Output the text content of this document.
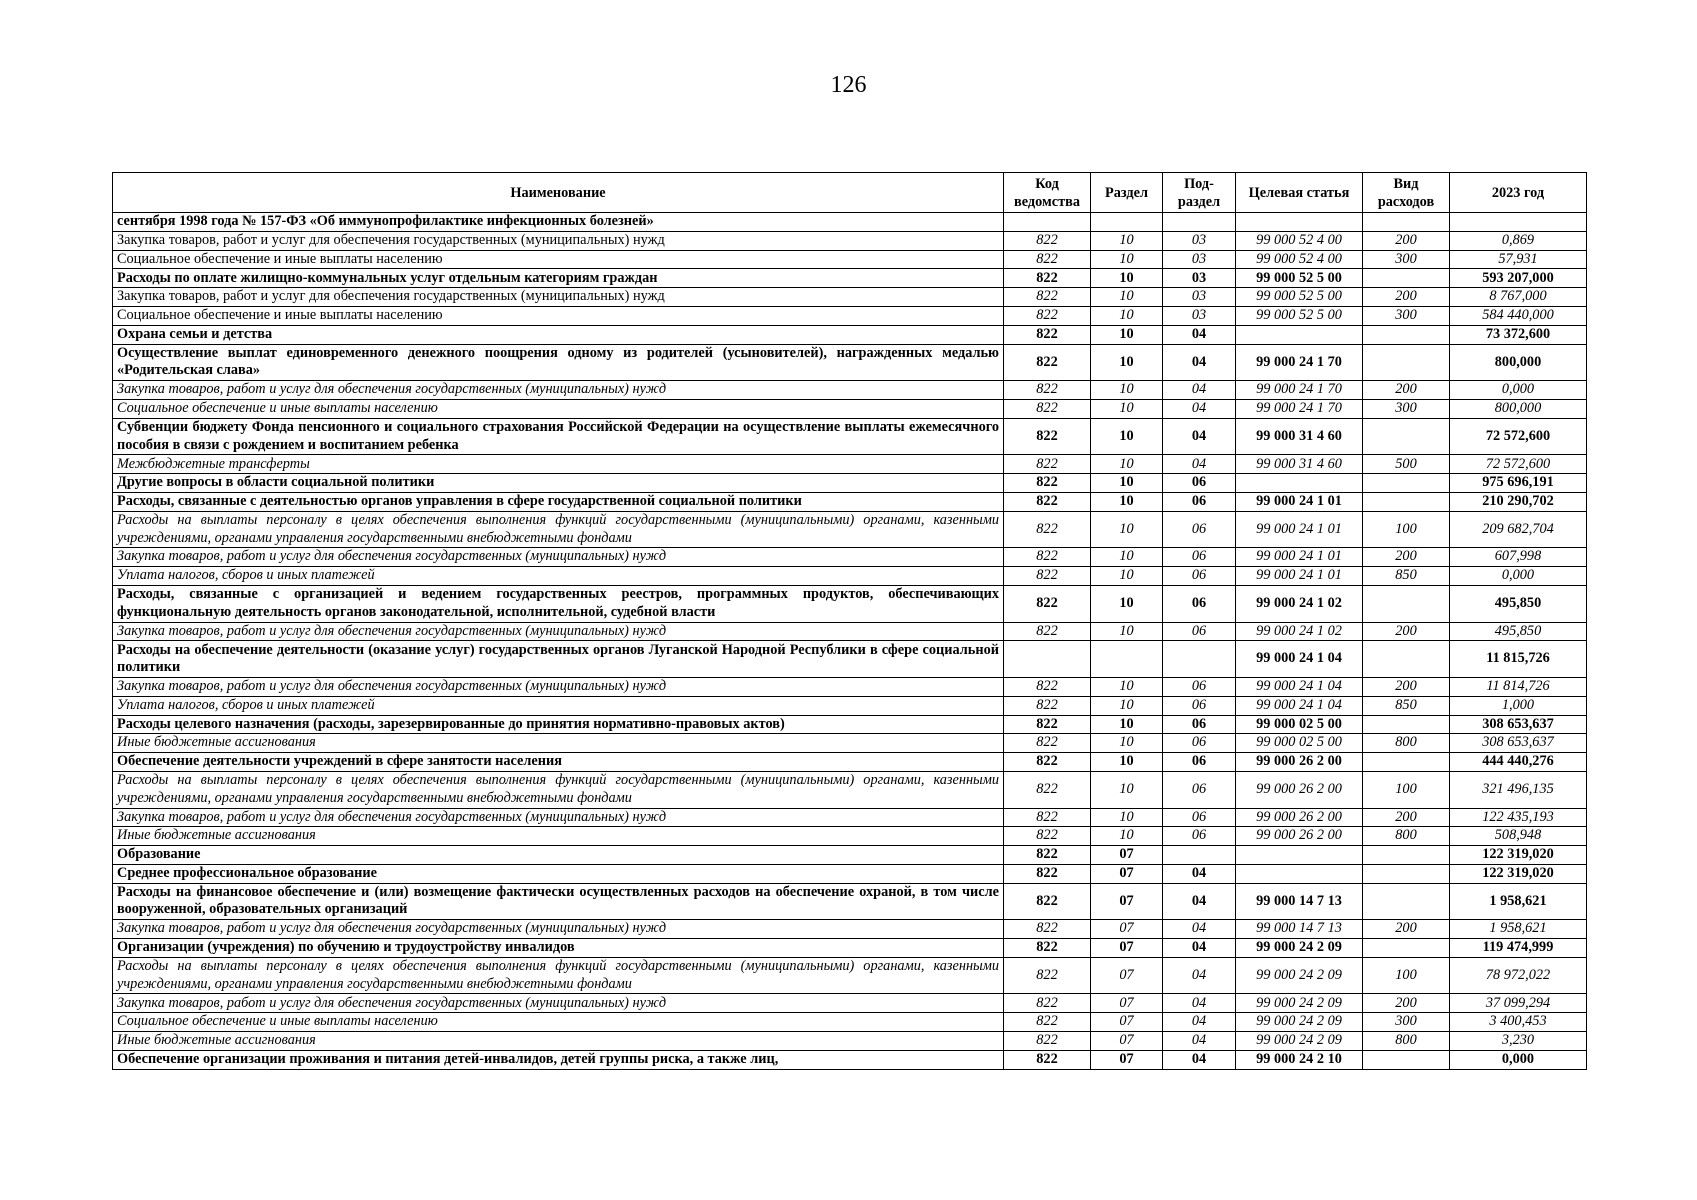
126
Наименование	Код ведомства	Раздел	Под-раздел	Целевая статья	Вид расходов	2023 год
сентября 1998 года № 157-ФЗ «Об иммунопрофилактике инфекционных болезней»						
Закупка товаров, работ и услуг для обеспечения государственных (муниципальных) нужд	822	10	03	99 000 52 4 00	200	0,869
Социальное обеспечение и иные выплаты населению	822	10	03	99 000 52 4 00	300	57,931
Расходы по оплате жилищно-коммунальных услуг отдельным категориям граждан	822	10	03	99 000 52 5 00		593 207,000
Закупка товаров, работ и услуг для обеспечения государственных (муниципальных) нужд	822	10	03	99 000 52 5 00	200	8 767,000
Социальное обеспечение и иные выплаты населению	822	10	03	99 000 52 5 00	300	584 440,000
Охрана семьи и детства	822	10	04			73 372,600
Осуществление выплат единовременного денежного поощрения одному из родителей (усыновителей), награжденных медалью «Родительская слава»	822	10	04	99 000 24 1 70		800,000
Закупка товаров, работ и услуг для обеспечения государственных (муниципальных) нужд	822	10	04	99 000 24 1 70	200	0,000
Социальное обеспечение и иные выплаты населению	822	10	04	99 000 24 1 70	300	800,000
Субвенции бюджету Фонда пенсионного и социального страхования Российской Федерации на осуществление выплаты ежемесячного пособия в связи с рождением и воспитанием ребенка	822	10	04	99 000 31 4 60		72 572,600
Межбюджетные трансферты	822	10	04	99 000 31 4 60	500	72 572,600
Другие вопросы в области социальной политики	822	10	06			975 696,191
Расходы, связанные с деятельностью органов управления в сфере государственной социальной политики	822	10	06	99 000 24 1 01		210 290,702
Расходы на выплаты персоналу в целях обеспечения выполнения функций государственными (муниципальными) органами, казенными учреждениями, органами управления государственными внебюджетными фондами	822	10	06	99 000 24 1 01	100	209 682,704
Закупка товаров, работ и услуг для обеспечения государственных (муниципальных) нужд	822	10	06	99 000 24 1 01	200	607,998
Уплата налогов, сборов и иных платежей	822	10	06	99 000 24 1 01	850	0,000
Расходы, связанные с организацией и ведением государственных реестров, программных продуктов, обеспечивающих функциональную деятельность органов законодательной, исполнительной, судебной власти	822	10	06	99 000 24 1 02		495,850
Закупка товаров, работ и услуг для обеспечения государственных (муниципальных) нужд	822	10	06	99 000 24 1 02	200	495,850
Расходы на обеспечение деятельности (оказание услуг) государственных органов Луганской Народной Республики в сфере социальной политики				99 000 24 1 04		11 815,726
Закупка товаров, работ и услуг для обеспечения государственных (муниципальных) нужд	822	10	06	99 000 24 1 04	200	11 814,726
Уплата налогов, сборов и иных платежей	822	10	06	99 000 24 1 04	850	1,000
Расходы целевого назначения (расходы, зарезервированные до принятия нормативно-правовых актов)	822	10	06	99 000 02 5 00		308 653,637
Иные бюджетные ассигнования	822	10	06	99 000 02 5 00	800	308 653,637
Обеспечение деятельности учреждений в сфере занятости населения	822	10	06	99 000 26 2 00		444 440,276
Расходы на выплаты персоналу в целях обеспечения выполнения функций государственными (муниципальными) органами, казенными учреждениями, органами управления государственными внебюджетными фондами	822	10	06	99 000 26 2 00	100	321 496,135
Закупка товаров, работ и услуг для обеспечения государственных (муниципальных) нужд	822	10	06	99 000 26 2 00	200	122 435,193
Иные бюджетные ассигнования	822	10	06	99 000 26 2 00	800	508,948
Образование	822	07				122 319,020
Среднее профессиональное образование	822	07	04			122 319,020
Расходы на финансовое обеспечение и (или) возмещение фактически осуществленных расходов на обеспечение охраной, в том числе вооруженной, образовательных организаций	822	07	04	99 000 14 7 13		1 958,621
Закупка товаров, работ и услуг для обеспечения государственных (муниципальных) нужд	822	07	04	99 000 14 7 13	200	1 958,621
Организации (учреждения) по обучению и трудоустройству инвалидов	822	07	04	99 000 24 2 09		119 474,999
Расходы на выплаты персоналу в целях обеспечения выполнения функций государственными (муниципальными) органами, казенными учреждениями, органами управления государственными внебюджетными фондами	822	07	04	99 000 24 2 09	100	78 972,022
Закупка товаров, работ и услуг для обеспечения государственных (муниципальных) нужд	822	07	04	99 000 24 2 09	200	37 099,294
Социальное обеспечение и иные выплаты населению	822	07	04	99 000 24 2 09	300	3 400,453
Иные бюджетные ассигнования	822	07	04	99 000 24 2 09	800	3,230
Обеспечение организации проживания и питания детей-инвалидов, детей группы риска, а также лиц,	822	07	04	99 000 24 2 10		0,000
